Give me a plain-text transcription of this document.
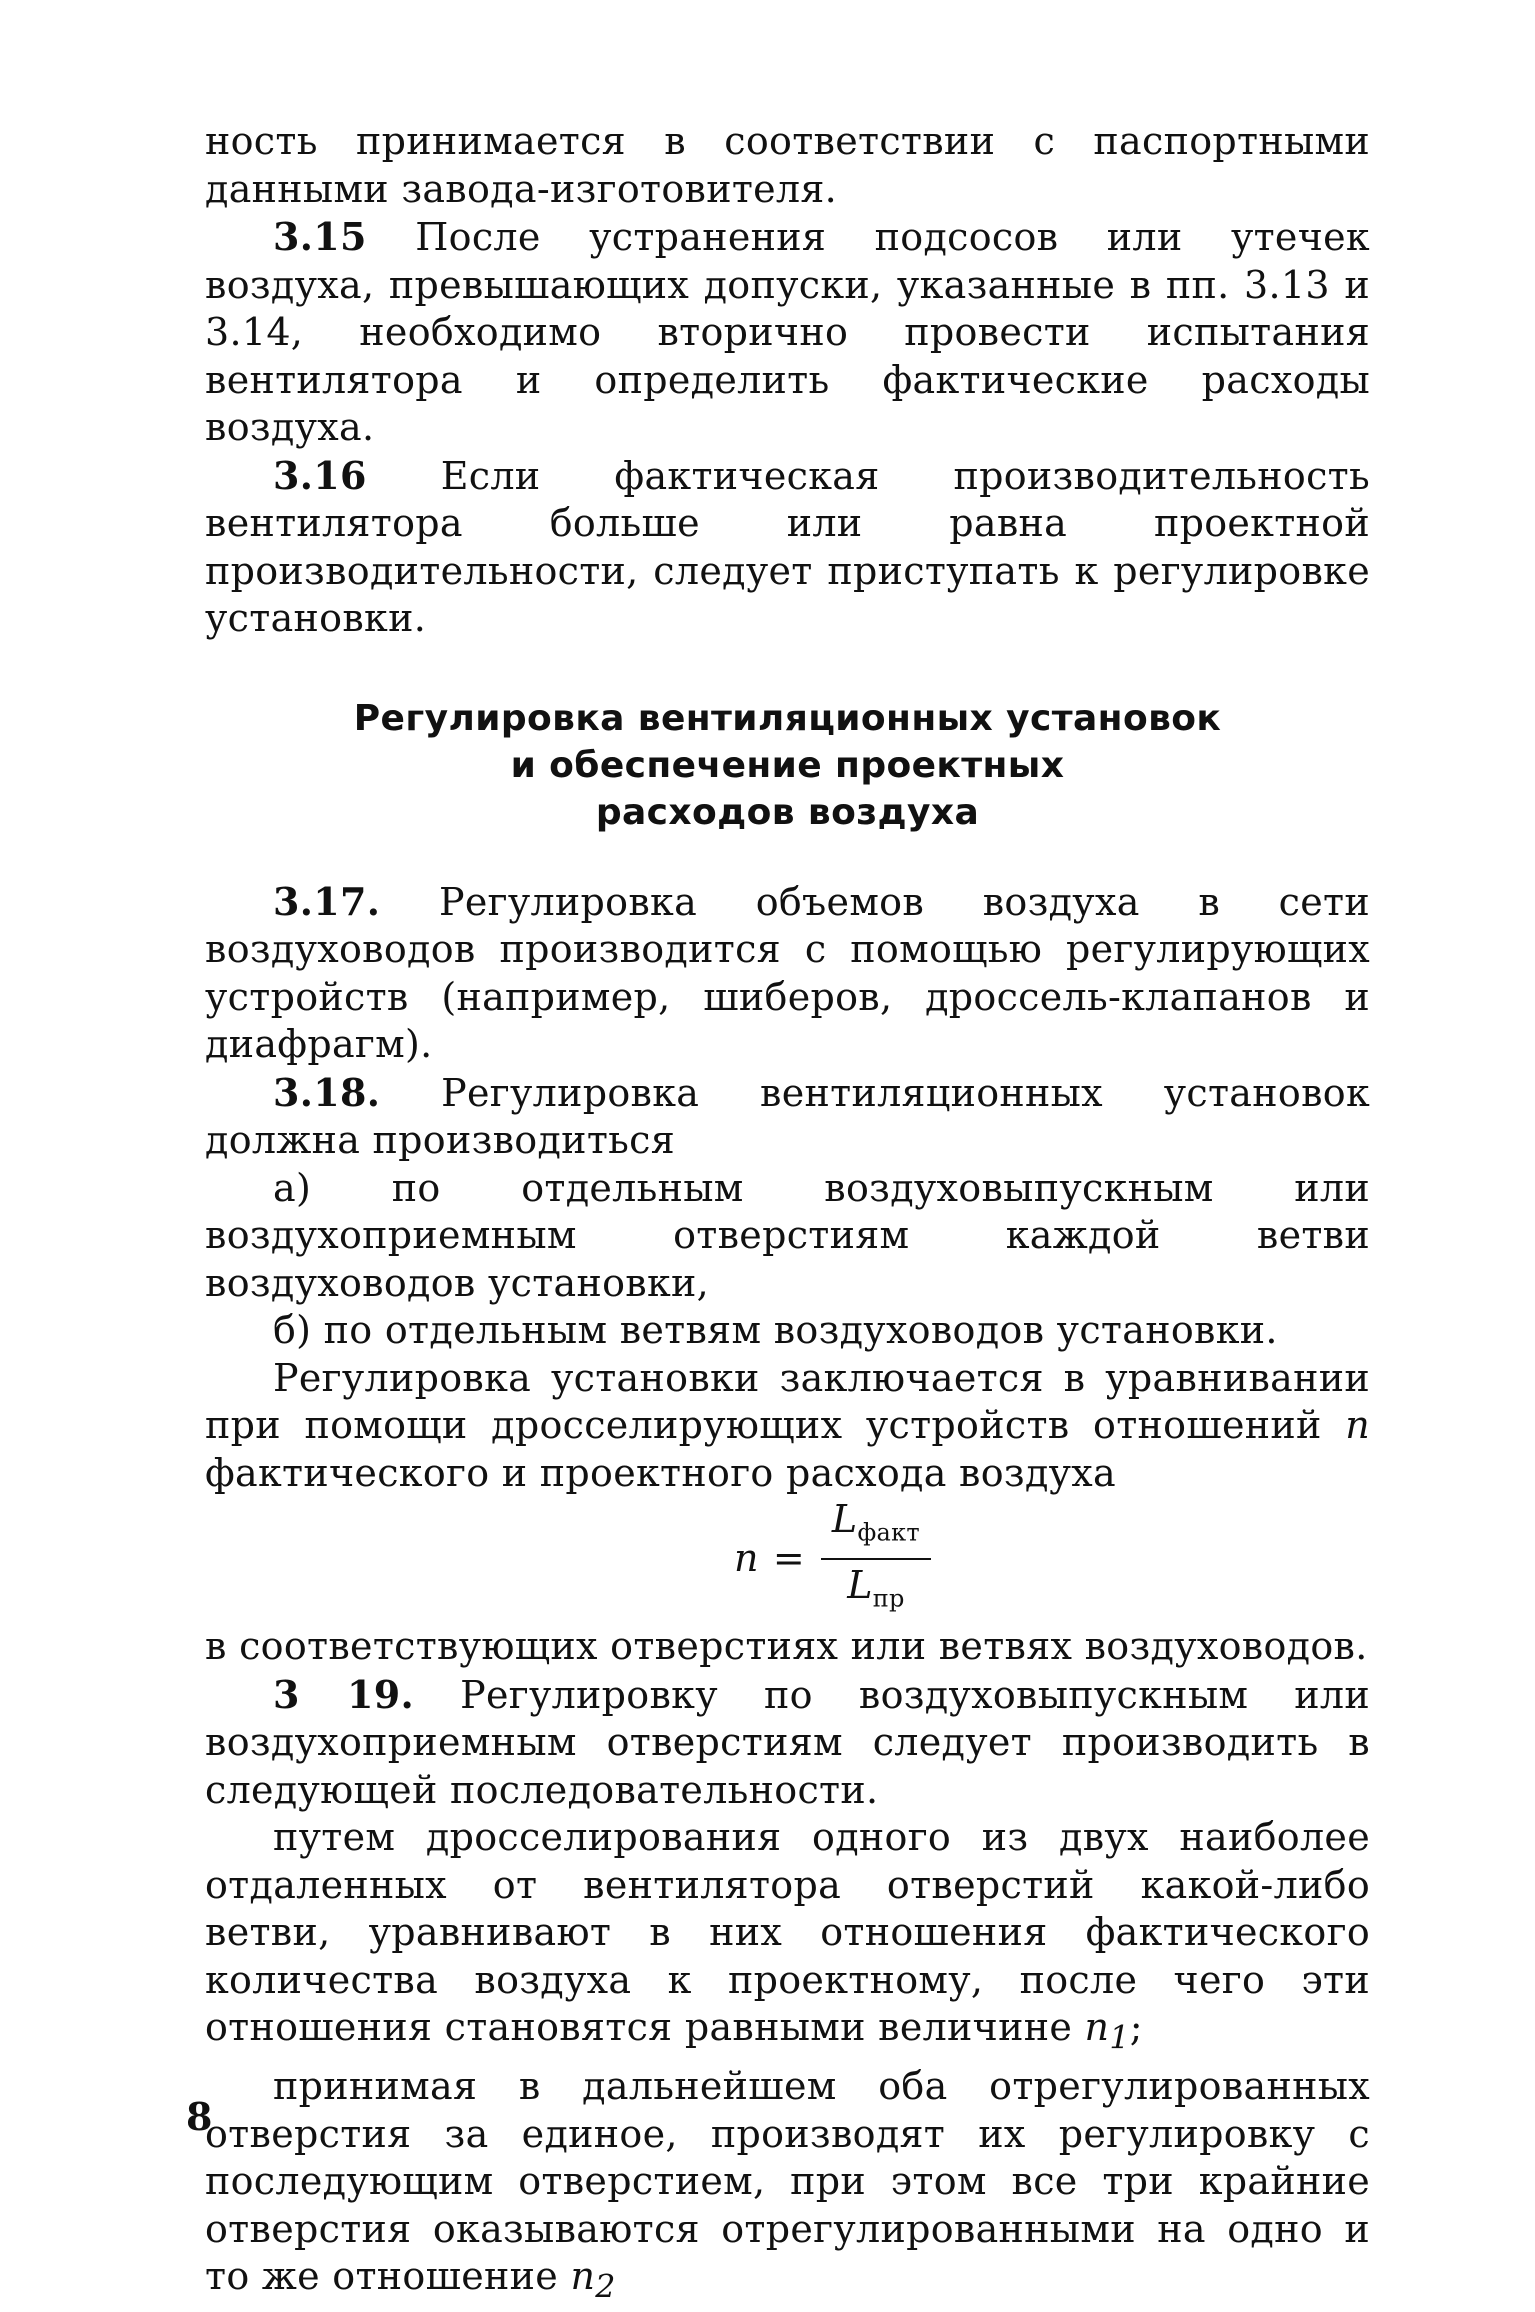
ность принимается в соответствии с паспортными данными завода-изготовителя.

3.15 После устранения подсосов или утечек воздуха, превышающих допуски, указанные в пп. 3.13 и 3.14, необходимо вторично провести испытания вентилятора и определить фактические расходы воздуха.

3.16 Если фактическая производительность вентилятора больше или равна проектной производительности, следует приступать к регулировке установки.

Регулировка вентиляционных установок
и обеспечение проектных
расходов воздуха

3.17. Регулировка объемов воздуха в сети воздуховодов производится с помощью регулирующих устройств (например, шиберов, дроссель-клапанов и диафрагм).

3.18. Регулировка вентиляционных установок должна производиться

а) по отдельным воздуховыпускным или воздухоприемным отверстиям каждой ветви воздуховодов установки,

б) по отдельным ветвям воздуховодов установки.

Регулировка установки заключается в уравнивании при помощи дросселирующих устройств отношений n фактического и проектного расхода воздуха

$n = \frac{L_{факт}}{L_{пр}}$

в соответствующих отверстиях или ветвях воздуховодов.

3 19. Регулировку по воздуховыпускным или воздухоприемным отверстиям следует производить в следующей последовательности.

путем дросселирования одного из двух наиболее отдаленных от вентилятора отверстий какой-либо ветви, уравнивают в них отношения фактического количества воздуха к проектному, после чего эти отношения становятся равными величине $n_1$;

принимая в дальнейшем оба отрегулированных отверстия за единое, производят их регулировку с последующим отверстием, при этом все три крайние отверстия оказываются отрегулированными на одно и то же отношение $n_2$

8
